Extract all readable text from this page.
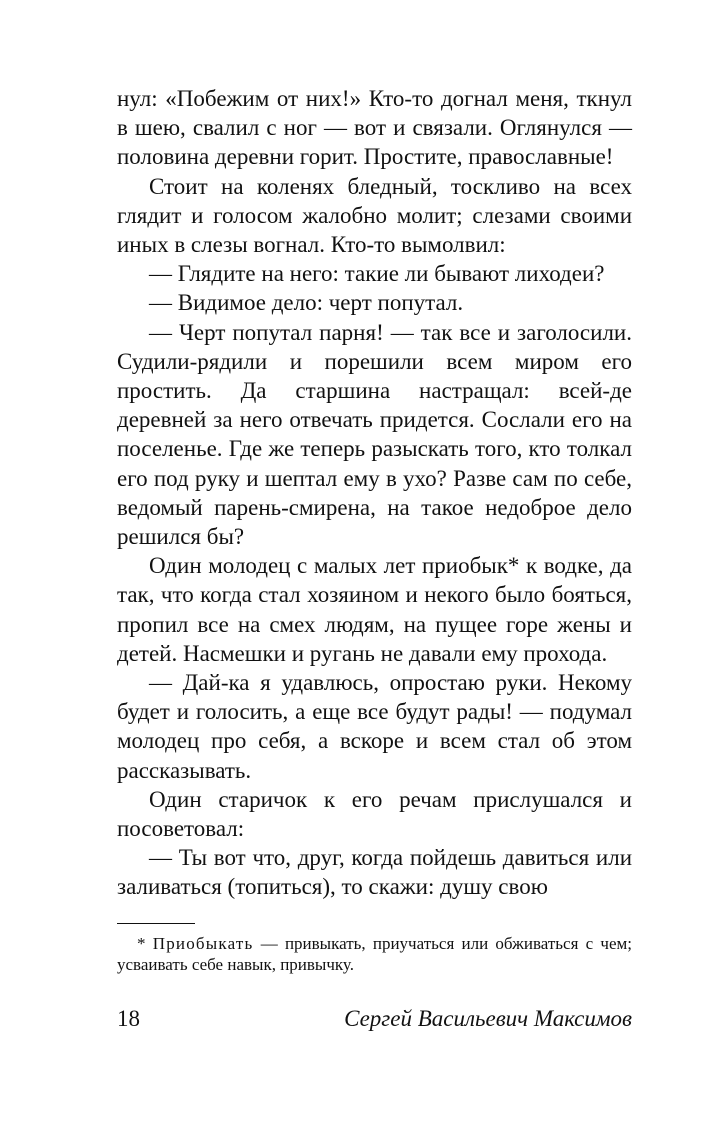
нул: «Побежим от них!» Кто-то догнал меня, ткнул в шею, свалил с ног — вот и связали. Оглянулся — половина деревни горит. Простите, православные!

Стоит на коленях бледный, тоскливо на всех глядит и голосом жалобно молит; слезами своими иных в слезы вогнал. Кто-то вымолвил:

— Глядите на него: такие ли бывают лиходеи?

— Видимое дело: черт попутал.

— Черт попутал парня! — так все и заголосили. Судили-рядили и порешили всем миром его простить. Да старшина настращал: всей-де деревней за него отвечать придется. Сослали его на поселенье. Где же теперь разыскать того, кто толкал его под руку и шептал ему в ухо? Разве сам по себе, ведомый парень-смирена, на такое недоброе дело решился бы?

Один молодец с малых лет приобык* к водке, да так, что когда стал хозяином и некого было бояться, пропил все на смех людям, на пущее горе жены и детей. Насмешки и ругань не давали ему прохода.

— Дай-ка я удавлюсь, опростаю руки. Некому будет и голосить, а еще все будут рады! — подумал молодец про себя, а вскоре и всем стал об этом рассказывать.

Один старичок к его речам прислушался и посоветовал:

— Ты вот что, друг, когда пойдешь давиться или заливаться (топиться), то скажи: душу свою

* Приобыкать — привыкать, приучаться или обживаться с чем; усваивать себе навык, привычку.

18	Сергей Васильевич Максимов
